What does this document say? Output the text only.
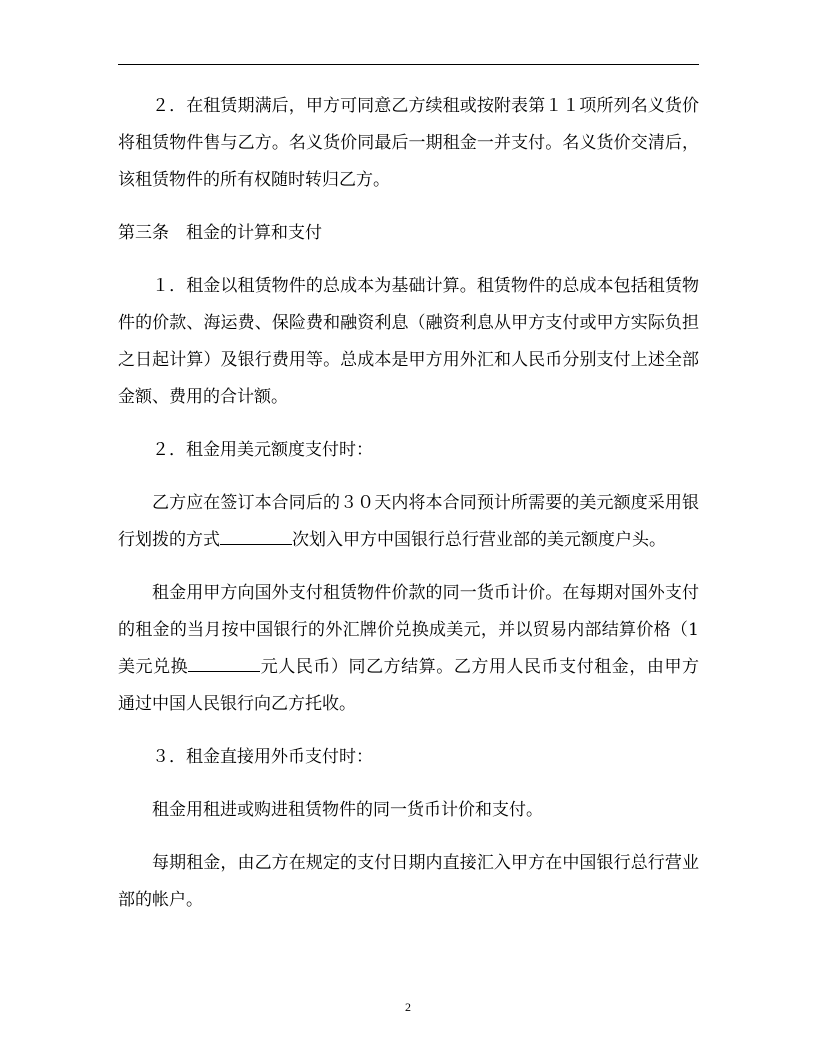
２．在租赁期满后，甲方可同意乙方续租或按附表第１１项所列名义货价将租赁物件售与乙方。名义货价同最后一期租金一并支付。名义货价交清后，该租赁物件的所有权随时转归乙方。

第三条　租金的计算和支付

１．租金以租赁物件的总成本为基础计算。租赁物件的总成本包括租赁物件的价款、海运费、保险费和融资利息（融资利息从甲方支付或甲方实际负担之日起计算）及银行费用等。总成本是甲方用外汇和人民币分别支付上述全部金额、费用的合计额。

２．租金用美元额度支付时：

乙方应在签订本合同后的３０天内将本合同预计所需要的美元额度采用银行划拨的方式	次划入甲方中国银行总行营业部的美元额度户头。

租金用甲方向国外支付租赁物件价款的同一货币计价。在每期对国外支付的租金的当月按中国银行的外汇牌价兑换成美元，并以贸易内部结算价格（1美元兑换	元人民币）同乙方结算。乙方用人民币支付租金，由甲方通过中国人民银行向乙方托收。

３．租金直接用外币支付时：

租金用租进或购进租赁物件的同一货币计价和支付。

每期租金，由乙方在规定的支付日期内直接汇入甲方在中国银行总行营业部的帐户。

2
